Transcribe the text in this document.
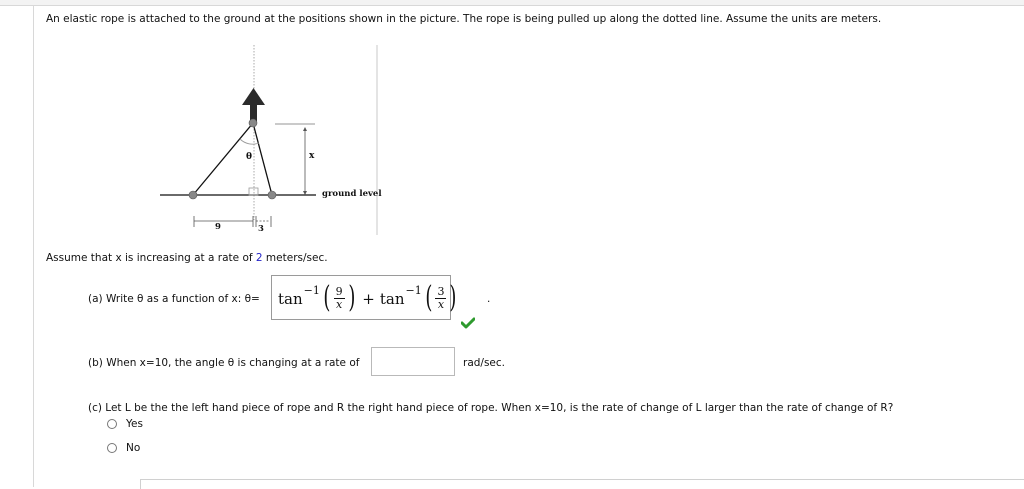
An elastic rope is attached to the ground at the positions shown in the picture. The rope is being pulled up along the dotted line. Assume the units are meters.
θ	x
ground level
9	3
Assume that x is increasing at a rate of 2 meters/sec.
(a) Write θ as a function of x: θ= tan −1 ( $\frac{9}{x}$ ) + tan −1 ( $\frac{3}{x}$ )	.
(b) When x=10, the angle θ is changing at a rate of	rad/sec.
(c) Let L be the the left hand piece of rope and R the right hand piece of rope. When x=10, is the rate of change of L larger than the rate of change of R?
Yes
No
